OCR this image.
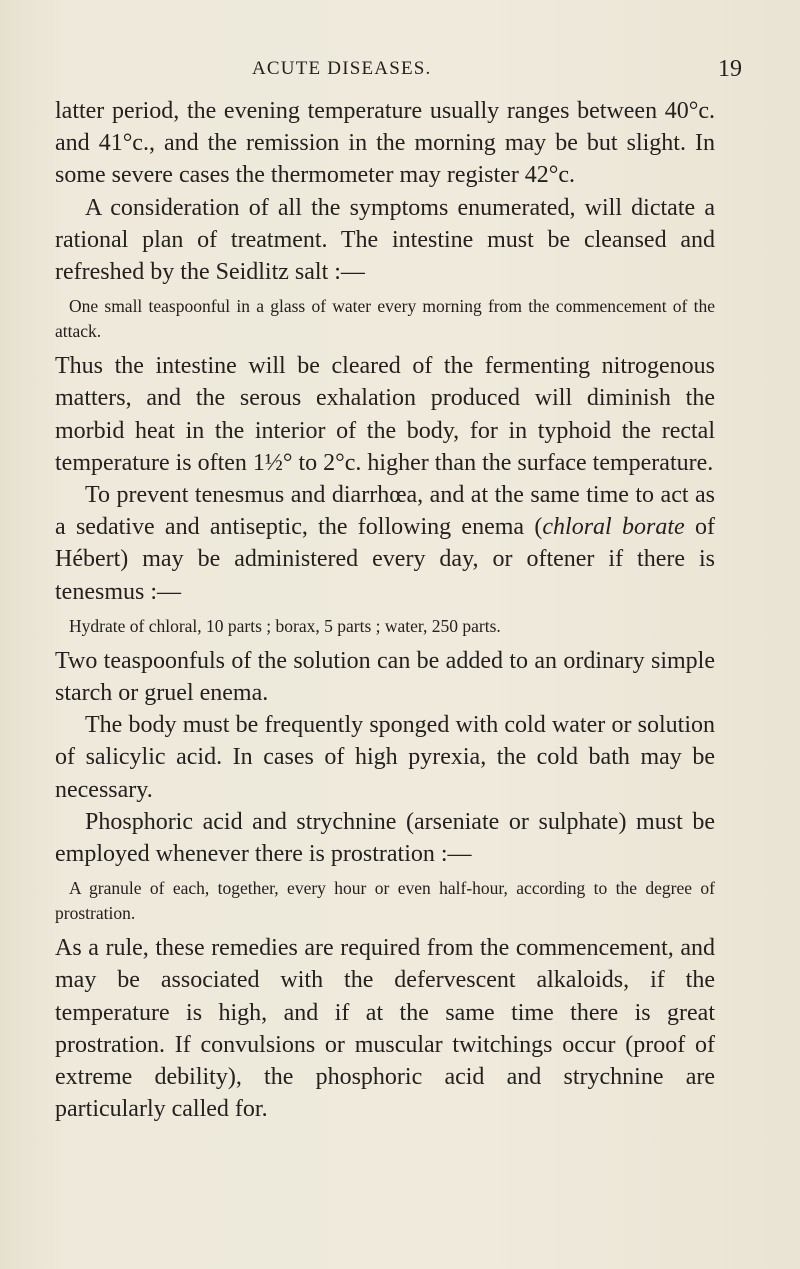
ACUTE DISEASES.	19

latter period, the evening temperature usually ranges between 40°c. and 41°c., and the remission in the morning may be but slight. In some severe cases the thermometer may register 42°c.

A consideration of all the symptoms enumerated, will dictate a rational plan of treatment. The intestine must be cleansed and refreshed by the Seidlitz salt :—

One small teaspoonful in a glass of water every morning from the commencement of the attack.

Thus the intestine will be cleared of the fermenting nitrogenous matters, and the serous exhalation produced will diminish the morbid heat in the interior of the body, for in typhoid the rectal temperature is often 1½° to 2°c. higher than the surface temperature.

To prevent tenesmus and diarrhœa, and at the same time to act as a sedative and antiseptic, the following enema (chloral borate of Hébert) may be administered every day, or oftener if there is tenesmus :—

Hydrate of chloral, 10 parts ; borax, 5 parts ; water, 250 parts.

Two teaspoonfuls of the solution can be added to an ordinary simple starch or gruel enema.

The body must be frequently sponged with cold water or solution of salicylic acid. In cases of high pyrexia, the cold bath may be necessary.

Phosphoric acid and strychnine (arseniate or sulphate) must be employed whenever there is prostration :—

A granule of each, together, every hour or even half-hour, according to the degree of prostration.

As a rule, these remedies are required from the commencement, and may be associated with the defervescent alkaloids, if the temperature is high, and if at the same time there is great prostration. If convulsions or muscular twitchings occur (proof of extreme debility), the phosphoric acid and strychnine are particularly called for.
